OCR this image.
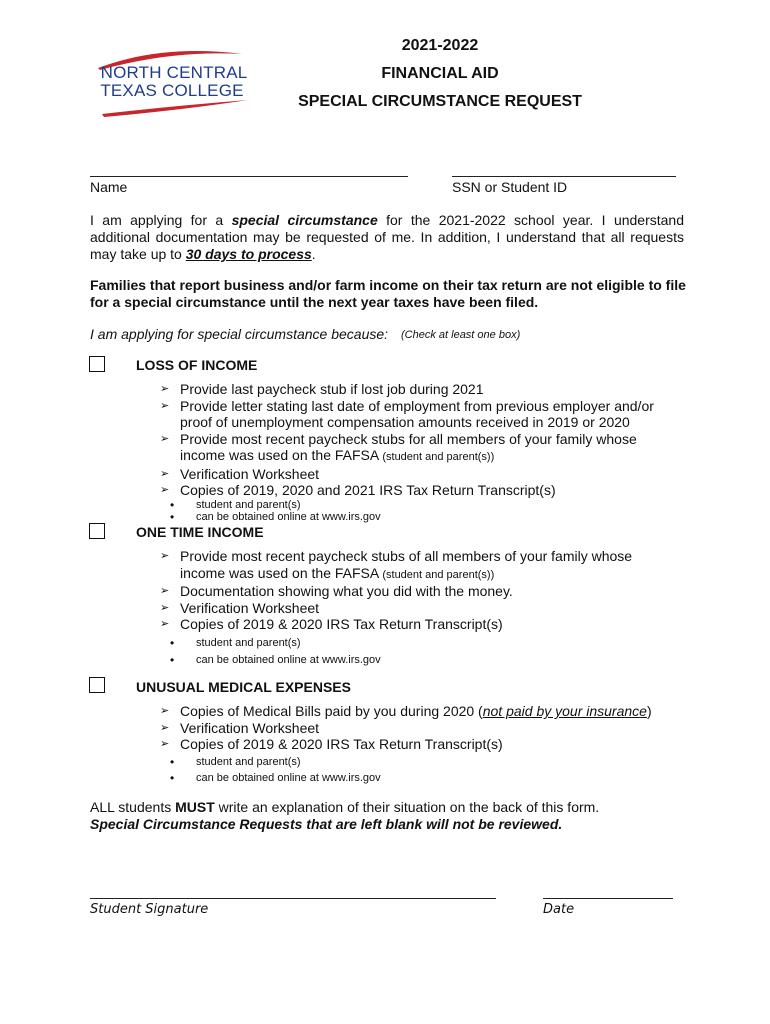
NORTH CENTRAL
TEXAS COLLEGE
2021-2022
FINANCIAL AID
SPECIAL CIRCUMSTANCE REQUEST
Name	SSN or Student ID
I am applying for a special circumstance for the 2021-2022 school year. I understand additional documentation may be requested of me. In addition, I understand that all requests may take up to 30 days to process.
Families that report business and/or farm income on their tax return are not eligible to file for a special circumstance until the next year taxes have been filed.
I am applying for special circumstance because: (Check at least one box)
LOSS OF INCOME
➢ Provide last paycheck stub if lost job during 2021
➢ Provide letter stating last date of employment from previous employer and/or proof of unemployment compensation amounts received in 2019 or 2020
➢ Provide most recent paycheck stubs for all members of your family whose income was used on the FAFSA (student and parent(s))
➢ Verification Worksheet
➢ Copies of 2019, 2020 and 2021 IRS Tax Return Transcript(s)
• student and parent(s)
• can be obtained online at www.irs.gov
ONE TIME INCOME
➢ Provide most recent paycheck stubs of all members of your family whose income was used on the FAFSA (student and parent(s))
➢ Documentation showing what you did with the money.
➢ Verification Worksheet
➢ Copies of 2019 & 2020 IRS Tax Return Transcript(s)
• student and parent(s)
• can be obtained online at www.irs.gov
UNUSUAL MEDICAL EXPENSES
➢ Copies of Medical Bills paid by you during 2020 (not paid by your insurance)
➢ Verification Worksheet
➢ Copies of 2019 & 2020 IRS Tax Return Transcript(s)
• student and parent(s)
• can be obtained online at www.irs.gov
ALL students MUST write an explanation of their situation on the back of this form.
Special Circumstance Requests that are left blank will not be reviewed.
Student Signature	Date
